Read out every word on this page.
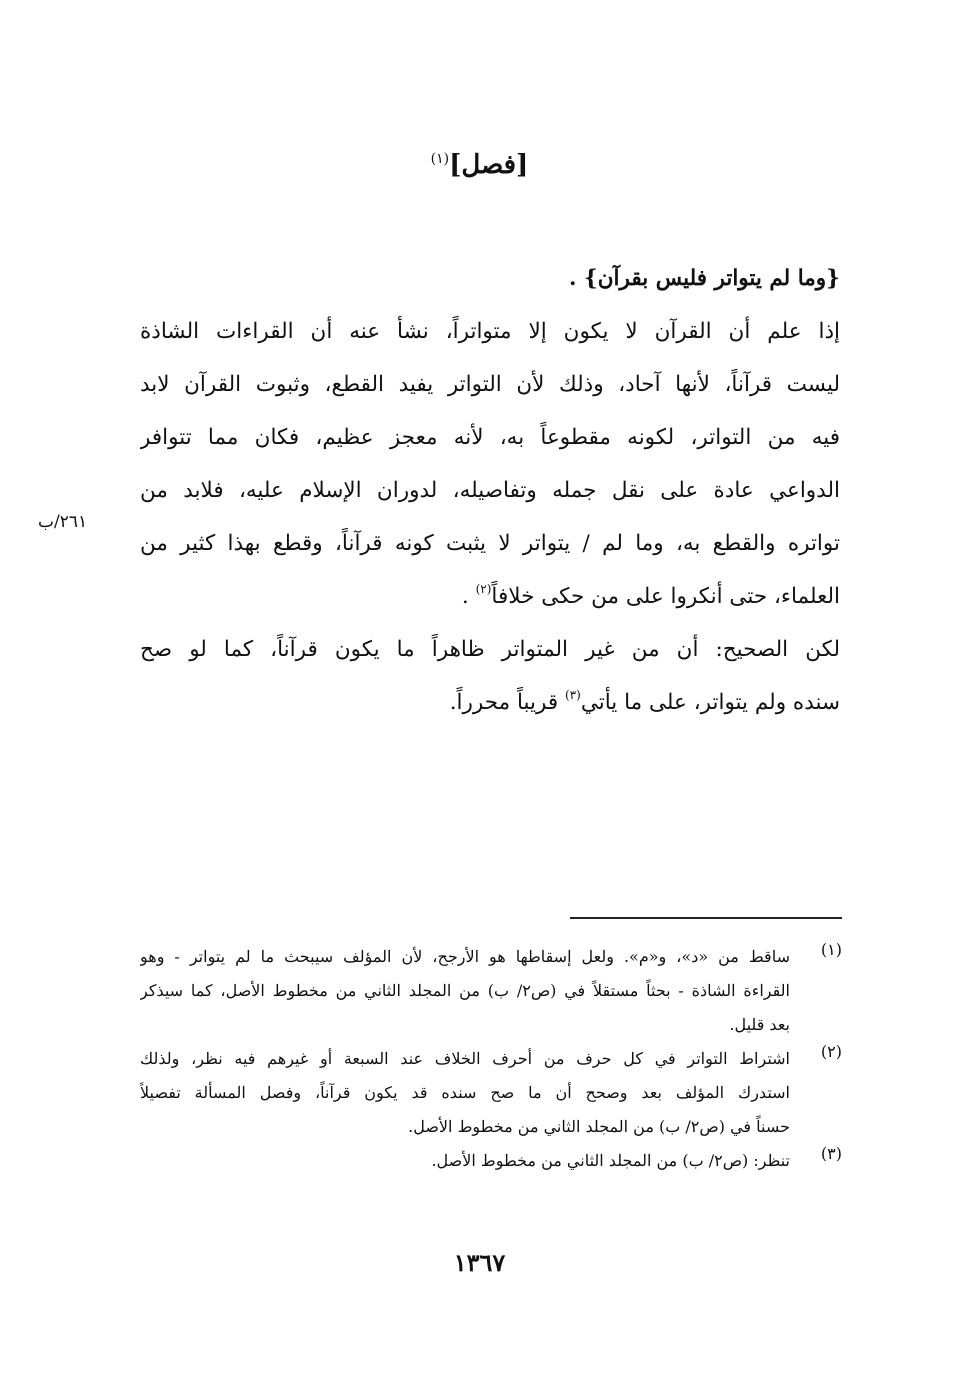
[فصل]$^{(١)}$
{وما لم يتواتر فليس بقرآن} .
إذا علم أن القرآن لا يكون إلا متواتراً، نشأ عنه أن القراءات الشاذة
ليست قرآناً، لأنها آحاد، وذلك لأن التواتر يفيد القطع، وثبوت القرآن لابد
فيه من التواتر، لكونه مقطوعاً به، لأنه معجز عظيم، فكان مما تتوافر
الدواعي عادة على نقل جمله وتفاصيله، لدوران الإسلام عليه، فلابد من
تواتره والقطع به، وما لم / يتواتر لا يثبت كونه قرآناً، وقطع بهذا كثير من
العلماء، حتى أنكروا على من حكى خلافاً$^{(٢)}$ .
لكن الصحيح: أن من غير المتواتر ظاهراً ما يكون قرآناً، كما لو صح
سنده ولم يتواتر، على ما يأتي$^{(٣)}$ قريباً محرراً.
٢٦١/ب
(١)
ساقط من «د»، و«م». ولعل إسقاطها هو الأرجح، لأن المؤلف سيبحث ما لم يتواتر - وهو
القراءة الشاذة - بحثاً مستقلاً في (ص٢/ ب) من المجلد الثاني من مخطوط الأصل، كما سيذكر
بعد قليل.
(٢)
اشتراط التواتر في كل حرف من أحرف الخلاف عند السبعة أو غيرهم فيه نظر، ولذلك
استدرك المؤلف بعد وصحح أن ما صح سنده قد يكون قرآناً، وفصل المسألة تفصيلاً
حسناً في (ص٢/ ب) من المجلد الثاني من مخطوط الأصل.
(٣)
تنظر: (ص٢/ ب) من المجلد الثاني من مخطوط الأصل.
١٣٦٧
